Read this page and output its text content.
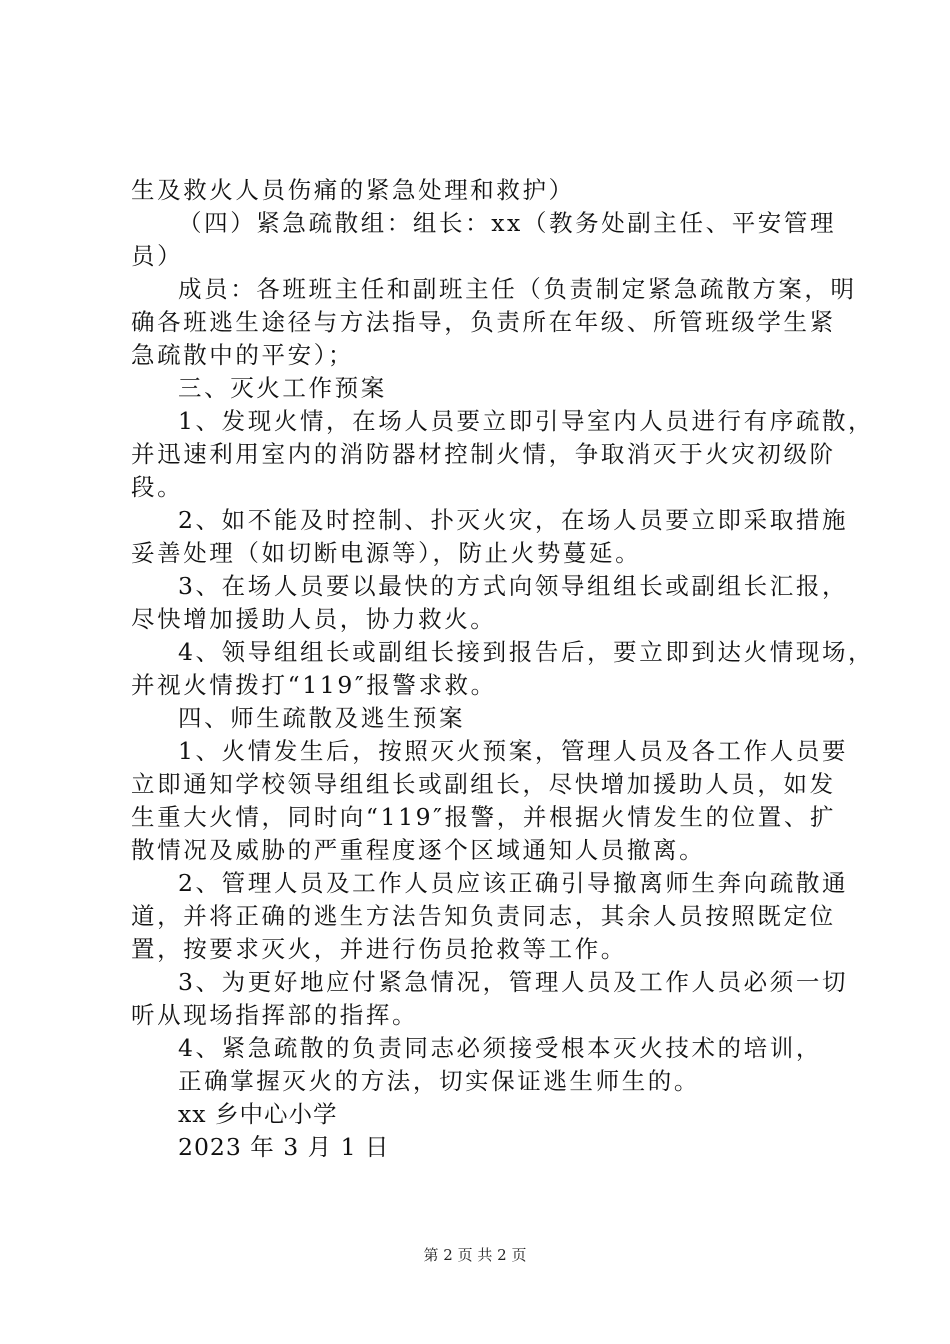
生及救火人员伤痛的紧急处理和救护）
（四）紧急疏散组：组长：xx（教务处副主任、平安管理
员）
成员：各班班主任和副班主任（负责制定紧急疏散方案，明
确各班逃生途径与方法指导，负责所在年级、所管班级学生紧
急疏散中的平安）；
三、灭火工作预案
1、发现火情，在场人员要立即引导室内人员进行有序疏散，
并迅速利用室内的消防器材控制火情，争取消灭于火灾初级阶
段。
2、如不能及时控制、扑灭火灾，在场人员要立即采取措施
妥善处理（如切断电源等），防止火势蔓延。
3、在场人员要以最快的方式向领导组组长或副组长汇报，
尽快增加援助人员，协力救火。
4、领导组组长或副组长接到报告后，要立即到达火情现场，
并视火情拨打“119″报警求救。
四、师生疏散及逃生预案
1、火情发生后，按照灭火预案，管理人员及各工作人员要
立即通知学校领导组组长或副组长，尽快增加援助人员，如发
生重大火情，同时向“119″报警，并根据火情发生的位置、扩
散情况及威胁的严重程度逐个区域通知人员撤离。
2、管理人员及工作人员应该正确引导撤离师生奔向疏散通
道，并将正确的逃生方法告知负责同志，其余人员按照既定位
置，按要求灭火，并进行伤员抢救等工作。
3、为更好地应付紧急情况，管理人员及工作人员必须一切
听从现场指挥部的指挥。
4、紧急疏散的负责同志必须接受根本灭火技术的培训，
正确掌握灭火的方法，切实保证逃生师生的。
xx 乡中心小学
2023 年 3 月 1 日
第 2 页 共 2 页
